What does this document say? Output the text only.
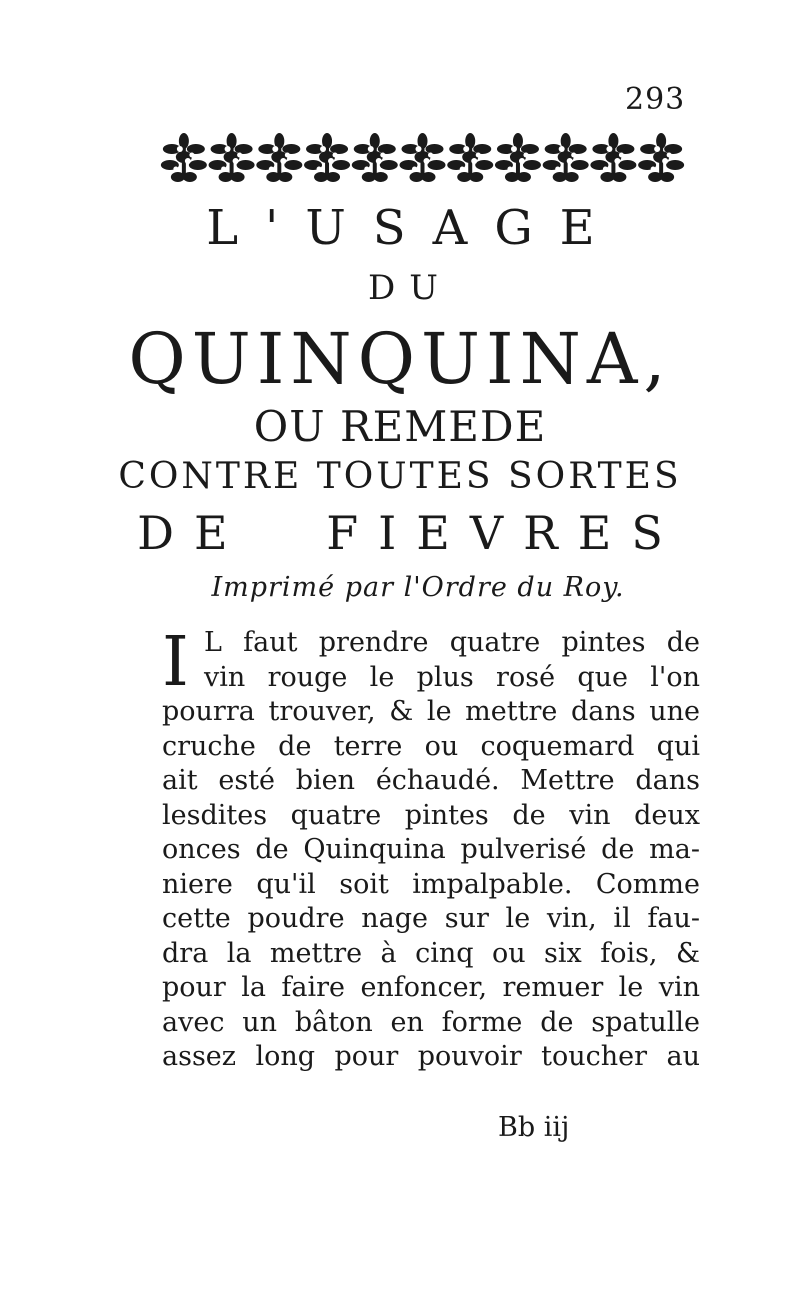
293
L'USAGE
DU
QUINQUINA,
OU REMEDE
CONTRE TOUTES SORTES
DE FIEVRES
Imprimé par l'Ordre du Roy.
I L faut prendre quatre pintes de
vin rouge le plus rosé que l'on
pourra trouver, & le mettre dans une
cruche de terre ou coquemard qui
ait esté bien échaudé. Mettre dans
lesdites quatre pintes de vin deux
onces de Quinquina pulverisé de ma-
niere qu'il soit impalpable. Comme
cette poudre nage sur le vin, il fau-
dra la mettre à cinq ou six fois, &
pour la faire enfoncer, remuer le vin
avec un bâton en forme de spatulle
assez long pour pouvoir toucher au
Bb iij
